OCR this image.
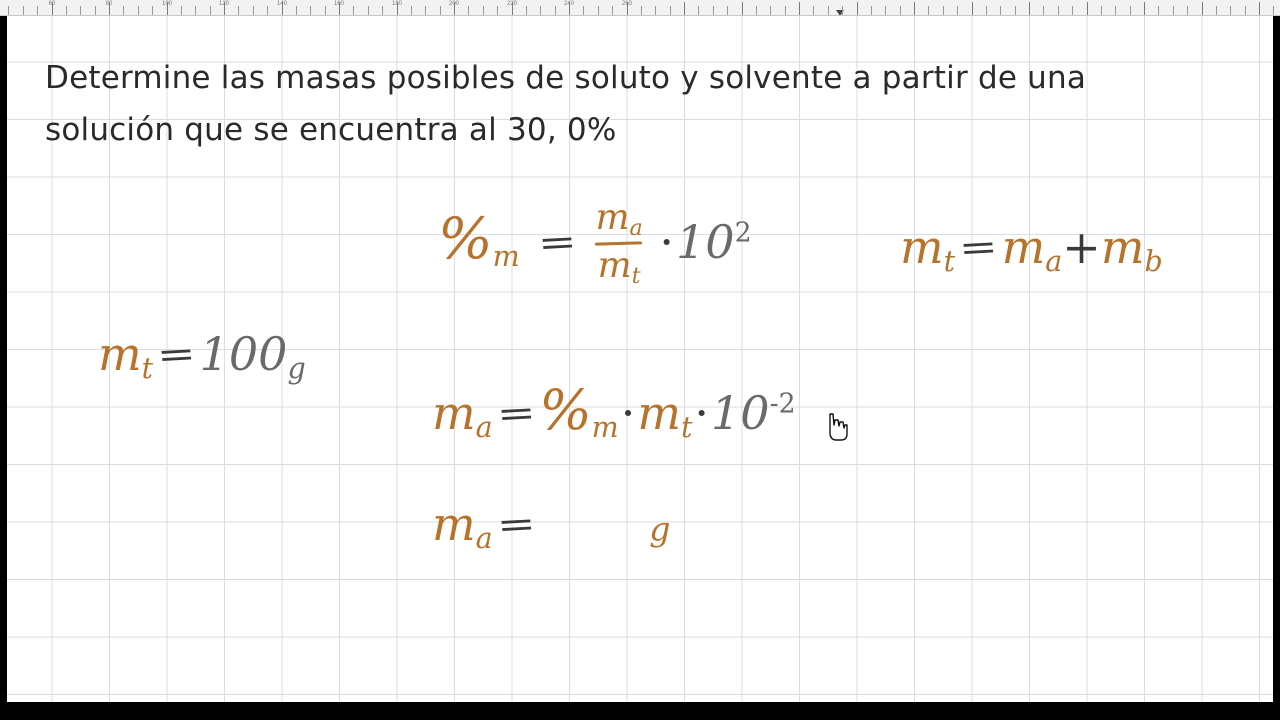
60	80	100	120	140	160	180	200	220	240	260
Determine las masas posibles de soluto y solvente a partir de una
solución que se encuentra al 30, 0%
$\%_m$ =
$m_a$
$m_t$
$\cdot 10^2$	$m_t=m_a+m_b$
$m_t=100_g$
$m_a=\%_m\cdot m_t\cdot 10^{-2}$
$m_a=$	g
